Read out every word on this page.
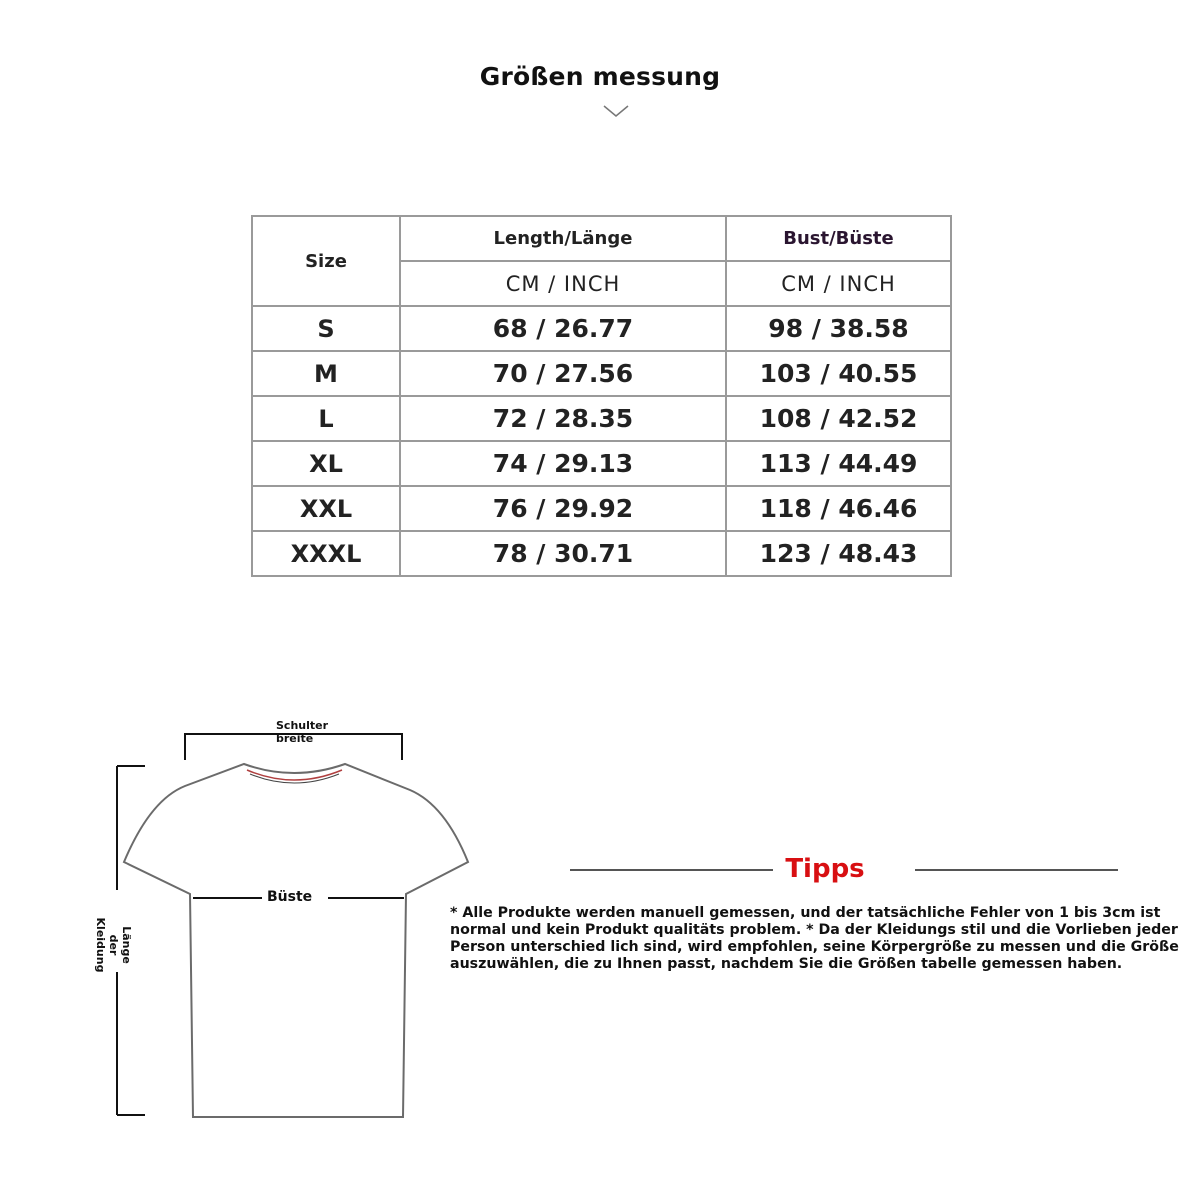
Größen messung
Size	Length/Länge	Bust/Büste
	CM / INCH	CM / INCH
S	68 / 26.77	98 / 38.58
M	70 / 27.56	103 / 40.55
L	72 / 28.35	108 / 42.52
XL	74 / 29.13	113 / 44.49
XXL	76 / 29.92	118 / 46.46
XXXL	78 / 30.71	123 / 48.43
Schulter
breite
Büste
Länge
der
Kleidung
Tipps
* Alle Produkte werden manuell gemessen, und der tatsächliche Fehler von 1 bis 3cm ist normal und kein Produkt qualitäts problem. * Da der Kleidungs stil und die Vorlieben jeder Person unterschied lich sind, wird empfohlen, seine Körpergröße zu messen und die Größe auszuwählen, die zu Ihnen passt, nachdem Sie die Größen tabelle gemessen haben.
